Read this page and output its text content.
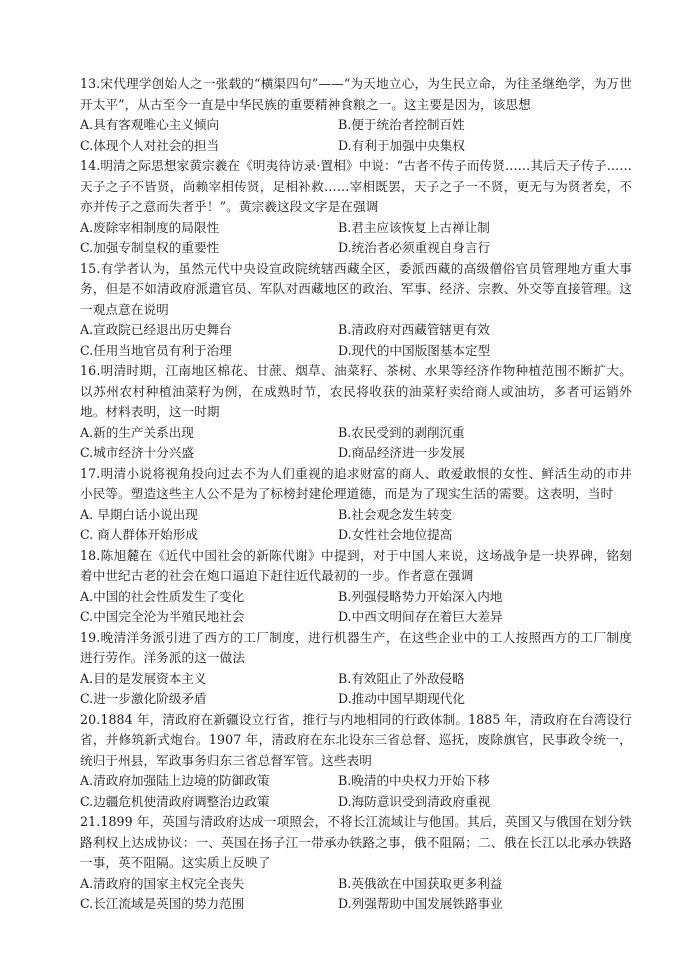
13.宋代理学创始人之一张载的“横渠四句”——“为天地立心，为生民立命，为往圣继绝学，为万世开太平”，从古至今一直是中华民族的重要精神食粮之一。这主要是因为，该思想

A.具有客观唯心主义倾向	B.便于统治者控制百姓
C.体现个人对社会的担当	D.有利于加强中央集权

14.明清之际思想家黄宗羲在《明夷待访录·置相》中说：“古者不传子而传贤……其后天子传子……天子之子不皆贤，尚赖宰相传贤，足相补救……宰相既罢，天子之子一不贤，更无与为贤者矣，不亦并传子之意而失者乎！”。黄宗羲这段文字是在强调

A.废除宰相制度的局限性	B.君主应该恢复上古禅让制
C.加强专制皇权的重要性	D.统治者必须重视自身言行

15.有学者认为，虽然元代中央设宣政院统辖西藏全区，委派西藏的高级僧俗官员管理地方重大事务，但是不如清政府派遣官员、军队对西藏地区的政治、军事、经济、宗教、外交等直接管理。这一观点意在说明

A.宣政院已经退出历史舞台	B.清政府对西藏管辖更有效
C.任用当地官员有利于治理	D.现代的中国版图基本定型

16.明清时期，江南地区棉花、甘蔗、烟草、油菜籽、茶树、水果等经济作物种植范围不断扩大。以苏州农村种植油菜籽为例，在成熟时节，农民将收获的油菜籽卖给商人或油坊，多者可运销外地。材料表明，这一时期

A.新的生产关系出现	B.农民受到的剥削沉重
C.城市经济十分兴盛	D.商品经济进一步发展

17.明清小说将视角投向过去不为人们重视的追求财富的商人、敢爱敢恨的女性、鲜活生动的市井小民等。塑造这些主人公不是为了标榜封建伦理道德，而是为了现实生活的需要。这表明，当时

A. 早期白话小说出现	B.社会观念发生转变
C. 商人群体开始形成	D.女性社会地位提高

18.陈旭麓在《近代中国社会的新陈代谢》中提到，对于中国人来说，这场战争是一块界碑，铭刻着中世纪古老的社会在炮口逼迫下赶往近代最初的一步。作者意在强调

A.中国的社会性质发生了变化	B.列强侵略势力开始深入内地
C.中国完全沦为半殖民地社会	D.中西文明间存在着巨大差异

19.晚清洋务派引进了西方的工厂制度，进行机器生产，在这些企业中的工人按照西方的工厂制度进行劳作。洋务派的这一做法

A.目的是发展资本主义	B.有效阻止了外敌侵略
C.进一步激化阶级矛盾	D.推动中国早期现代化

20.1884 年，清政府在新疆设立行省，推行与内地相同的行政体制。1885 年，清政府在台湾设行省，并修筑新式炮台。1907 年，清政府在东北设东三省总督、巡抚，废除旗官，民事政令统一，统归于州县，军政事务归东三省总督军管。这些表明

A.清政府加强陆上边境的防御政策	B.晚清的中央权力开始下移
C.边疆危机使清政府调整治边政策	D.海防意识受到清政府重视

21.1899 年，英国与清政府达成一项照会，不将长江流域让与他国。其后，英国又与俄国在划分铁路利权上达成协议：一、英国在扬子江一带承办铁路之事，俄不阻隔；二、俄在长江以北承办铁路一事，英不阻隔。这实质上反映了

A.清政府的国家主权完全丧失	B.英俄欲在中国获取更多利益
C.长江流域是英国的势力范围	D.列强帮助中国发展铁路事业
